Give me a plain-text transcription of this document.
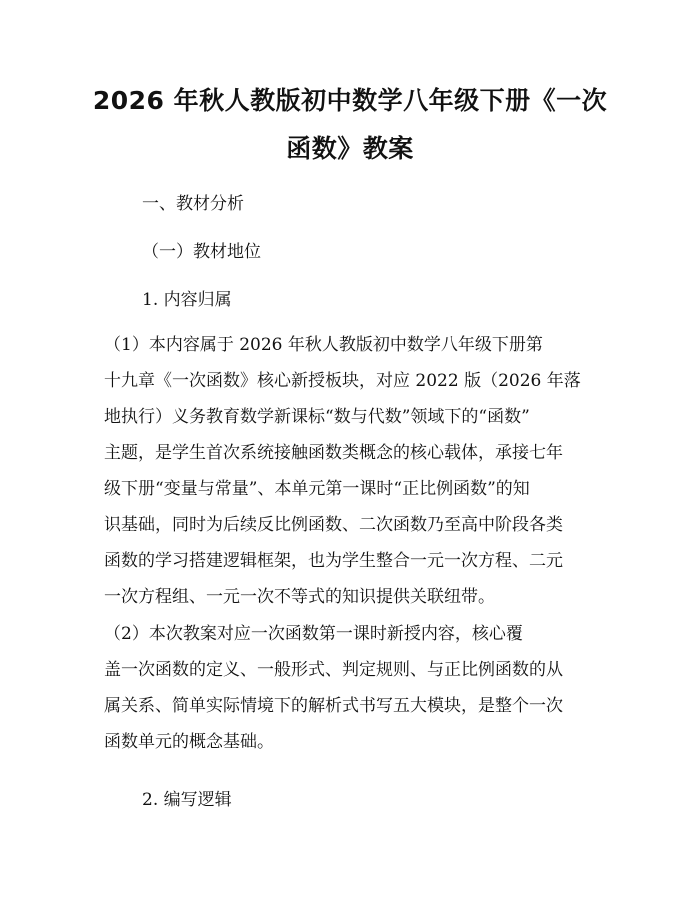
2026 年秋人教版初中数学八年级下册《一次
函数》教案
一、教材分析
（一）教材地位
1. 内容归属
（1）本内容属于 2026 年秋人教版初中数学八年级下册第
十九章《一次函数》核心新授板块，对应 2022 版（2026 年落
地执行）义务教育数学新课标“数与代数”领域下的“函数”
主题，是学生首次系统接触函数类概念的核心载体，承接七年
级下册“变量与常量”、本单元第一课时“正比例函数”的知
识基础，同时为后续反比例函数、二次函数乃至高中阶段各类
函数的学习搭建逻辑框架，也为学生整合一元一次方程、二元
一次方程组、一元一次不等式的知识提供关联纽带。
（2）本次教案对应一次函数第一课时新授内容，核心覆
盖一次函数的定义、一般形式、判定规则、与正比例函数的从
属关系、简单实际情境下的解析式书写五大模块，是整个一次
函数单元的概念基础。
2. 编写逻辑
